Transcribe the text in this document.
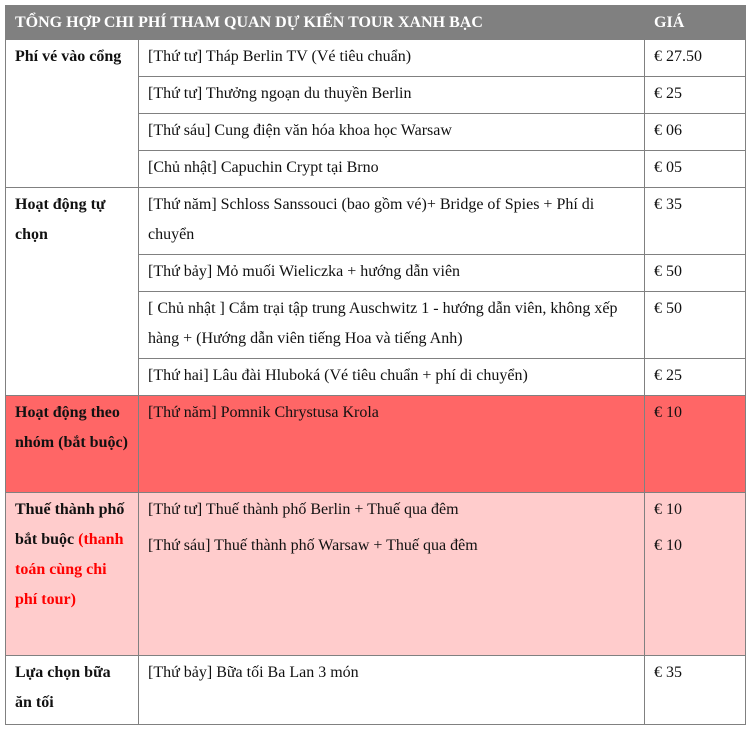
TỔNG HỢP CHI PHÍ THAM QUAN DỰ KIẾN TOUR XANH BẠC		GIÁ
Phí vé vào cổng	[Thứ tư] Tháp Berlin TV (Vé tiêu chuẩn)	€ 27.50
	[Thứ tư] Thưởng ngoạn du thuyền Berlin	€ 25
	[Thứ sáu] Cung điện văn hóa khoa học Warsaw	€ 06
	[Chủ nhật] Capuchin Crypt tại Brno	€ 05
Hoạt động tự chọn	[Thứ năm] Schloss Sanssouci (bao gồm vé)+ Bridge of Spies + Phí di chuyển	€ 35
	[Thứ bảy] Mỏ muối Wieliczka + hướng dẫn viên	€ 50
	[ Chủ nhật ] Cắm trại tập trung Auschwitz 1 - hướng dẫn viên, không xếp hàng + (Hướng dẫn viên tiếng Hoa và tiếng Anh)	€ 50
	[Thứ hai] Lâu đài Hluboká (Vé tiêu chuẩn + phí di chuyển)	€ 25
Hoạt động theo nhóm (bắt buộc)	[Thứ năm] Pomnik Chrystusa Krola	€ 10
Thuế thành phố bắt buộc (thanh toán cùng chi phí tour)	[Thứ tư] Thuế thành phố Berlin + Thuế qua đêm	€ 10
	[Thứ sáu] Thuế thành phố Warsaw + Thuế qua đêm	€ 10
Lựa chọn bữa ăn tối	[Thứ bảy] Bữa tối Ba Lan 3 món	€ 35
